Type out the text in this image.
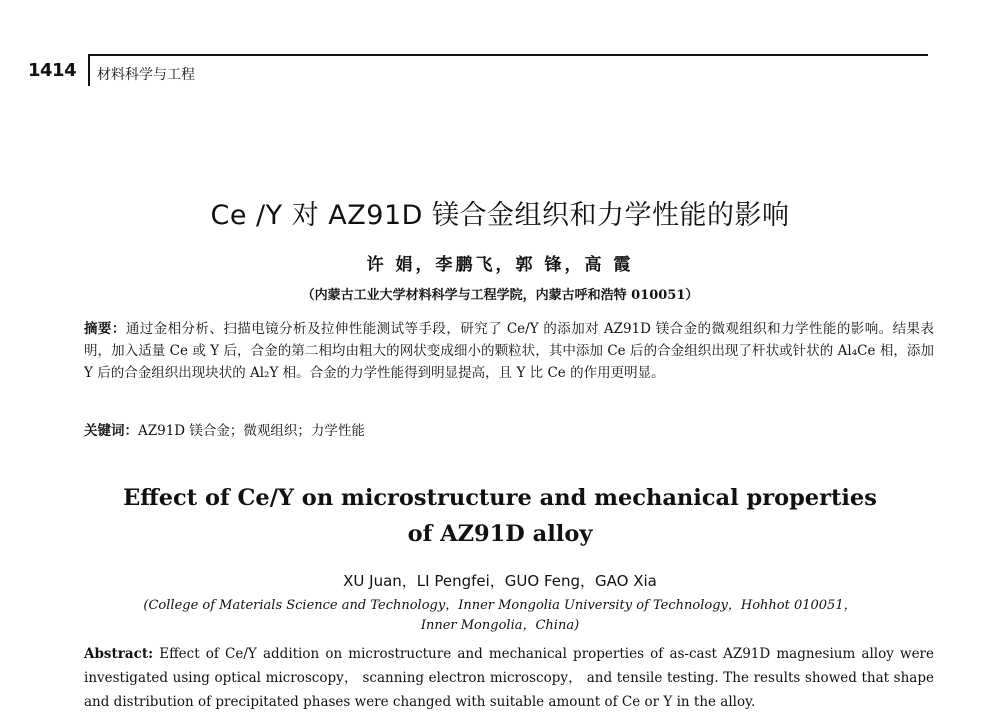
1414 材料科学与工程
Ce /Y 对 AZ91D 镁合金组织和力学性能的影响
许 娟，李鹏飞，郭 锋，高 霞
（内蒙古工业大学材料科学与工程学院，内蒙古呼和浩特 010051）
摘要：通过金相分析、扫描电镜分析及拉伸性能测试等手段，研究了 Ce/Y 的添加对 AZ91D 镁合金的微观组织和力学性能的影响。结果表明，加入适量 Ce 或 Y 后，合金的第二相均由粗大的网状变成细小的颗粒状，其中添加 Ce 后的合金组织出现了杆状或针状的 Al₄Ce 相，添加 Y 后的合金组织出现块状的 Al₂Y 相。合金的力学性能得到明显提高，且 Y 比 Ce 的作用更明显。
关键词：AZ91D 镁合金；微观组织；力学性能
Effect of Ce/Y on microstructure and mechanical properties
of AZ91D alloy
XU Juan，LI Pengfei，GUO Feng，GAO Xia
(College of Materials Science and Technology，Inner Mongolia University of Technology，Hohhot 010051，
Inner Mongolia，China)
Abstract: Effect of Ce/Y addition on microstructure and mechanical properties of as-cast AZ91D magnesium alloy were investigated using optical microscopy， scanning electron microscopy， and tensile testing. The results showed that shape and distribution of precipitated phases were changed with suitable amount of Ce or Y in the alloy.
